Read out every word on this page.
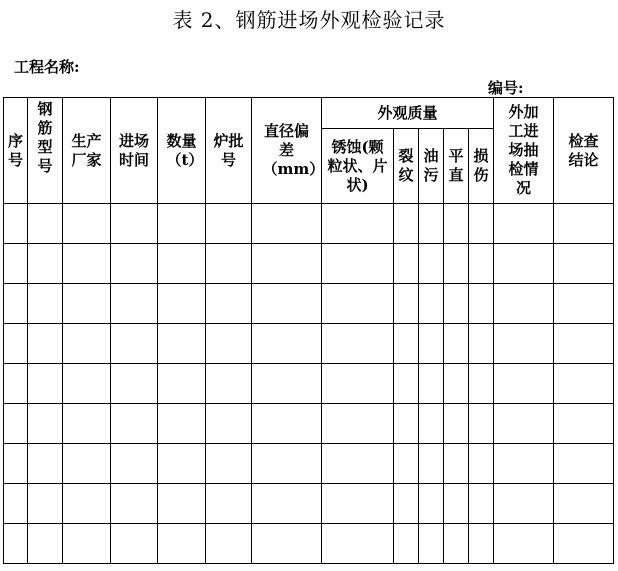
表 2、钢筋进场外观检验记录
工程名称:
编号:
序号	钢筋型号	生产厂家	进场时间	数量（t）	炉批号	直径偏差（mm）	外观质量					外加工进场抽检情况	检查结论

							锈蚀(颗粒状、片状)	裂纹	油污	平直	损伤		
